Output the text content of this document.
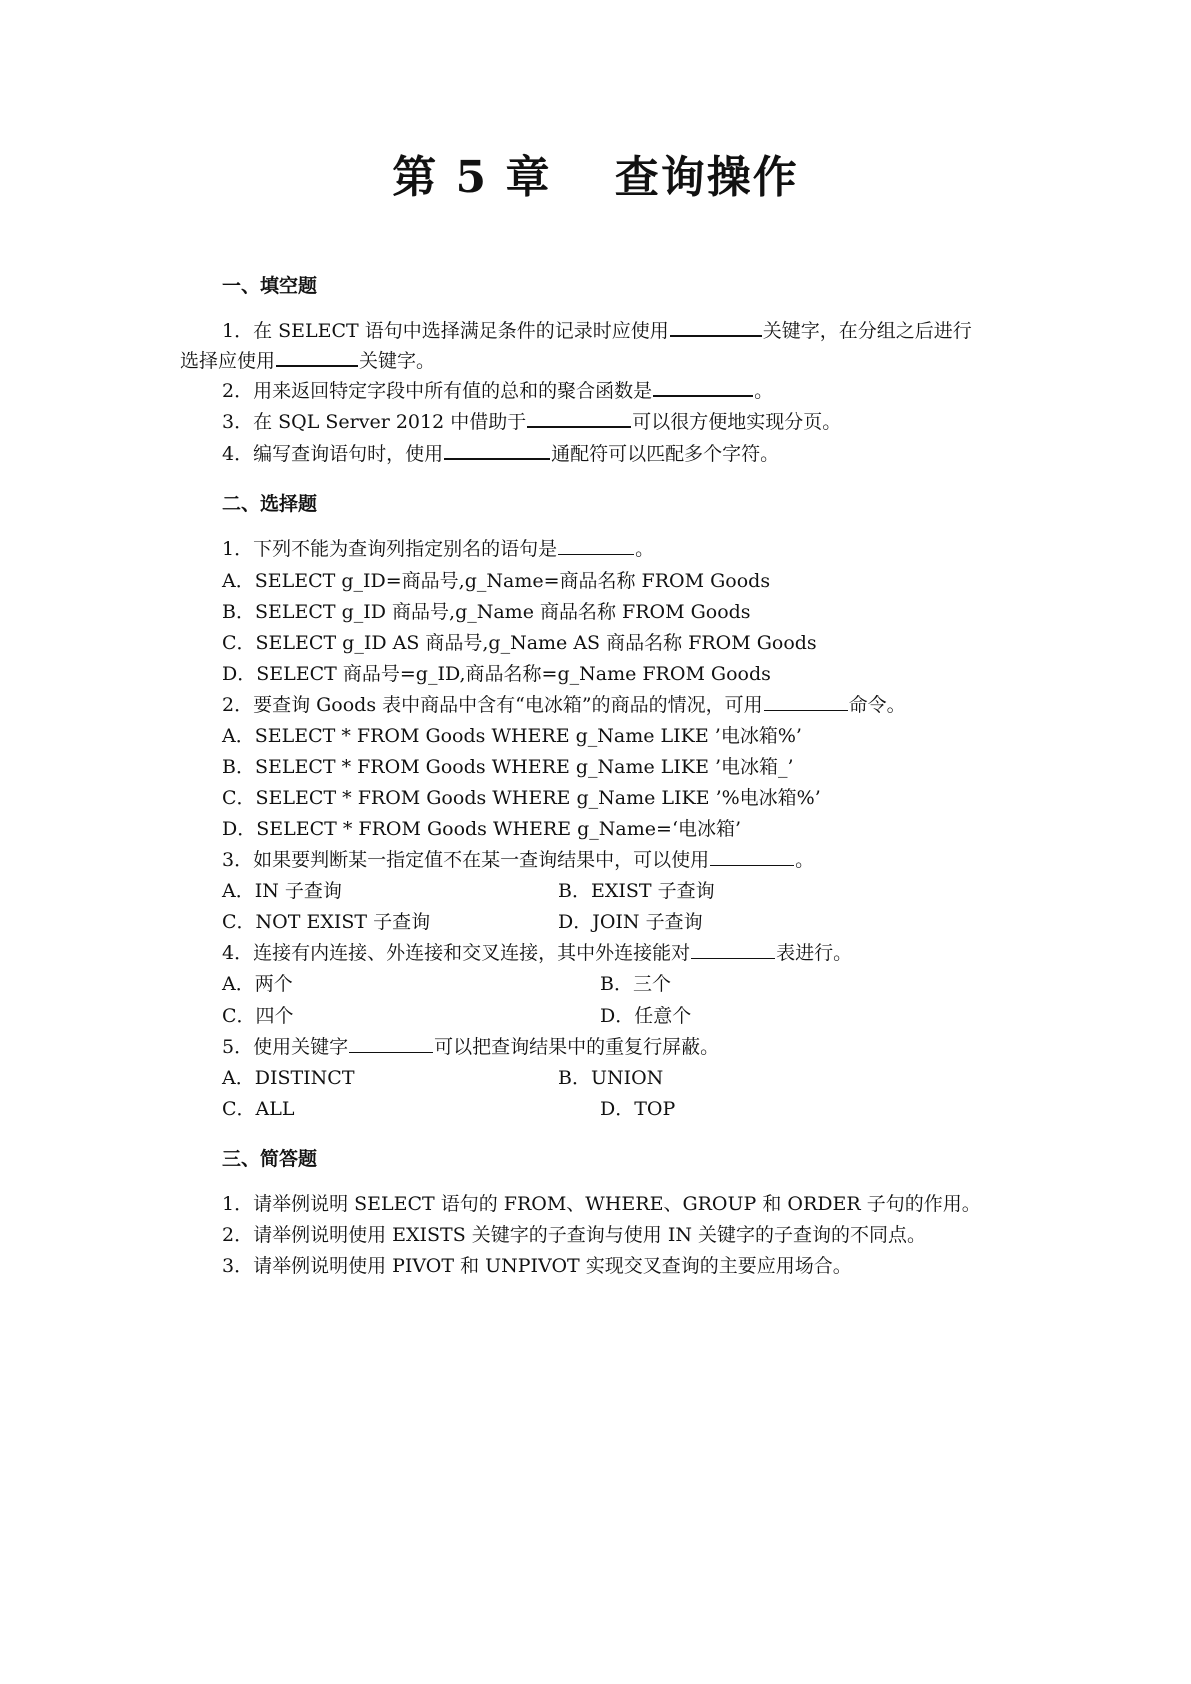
第 5 章　 查询操作
一、填空题
1．在 SELECT 语句中选择满足条件的记录时应使用	关键字，在分组之后进行
选择应使用	关键字。
2．用来返回特定字段中所有值的总和的聚合函数是	。
3．在 SQL Server 2012 中借助于	可以很方便地实现分页。
4．编写查询语句时，使用	通配符可以匹配多个字符。
二、选择题
1．下列不能为查询列指定别名的语句是	。
A．SELECT g_ID=商品号,g_Name=商品名称 FROM Goods
B．SELECT g_ID 商品号,g_Name 商品名称 FROM Goods
C．SELECT g_ID AS 商品号,g_Name AS 商品名称 FROM Goods
D．SELECT 商品号=g_ID,商品名称=g_Name FROM Goods
2．要查询 Goods 表中商品中含有“电冰箱”的商品的情况，可用	命令。
A．SELECT * FROM Goods WHERE g_Name LIKE ’电冰箱%’
B．SELECT * FROM Goods WHERE g_Name LIKE ’电冰箱_’
C．SELECT * FROM Goods WHERE g_Name LIKE ’%电冰箱%’
D．SELECT * FROM Goods WHERE g_Name=‘电冰箱’
3．如果要判断某一指定值不在某一查询结果中，可以使用	。
A．IN 子查询	B．EXIST 子查询
C．NOT EXIST 子查询	D．JOIN 子查询
4．连接有内连接、外连接和交叉连接，其中外连接能对	表进行。
A．两个	B．三个
C．四个	D．任意个
5．使用关键字	可以把查询结果中的重复行屏蔽。
A．DISTINCT	B．UNION
C．ALL	D．TOP
三、简答题
1．请举例说明 SELECT 语句的 FROM、WHERE、GROUP 和 ORDER 子句的作用。
2．请举例说明使用 EXISTS 关键字的子查询与使用 IN 关键字的子查询的不同点。
3．请举例说明使用 PIVOT 和 UNPIVOT 实现交叉查询的主要应用场合。
